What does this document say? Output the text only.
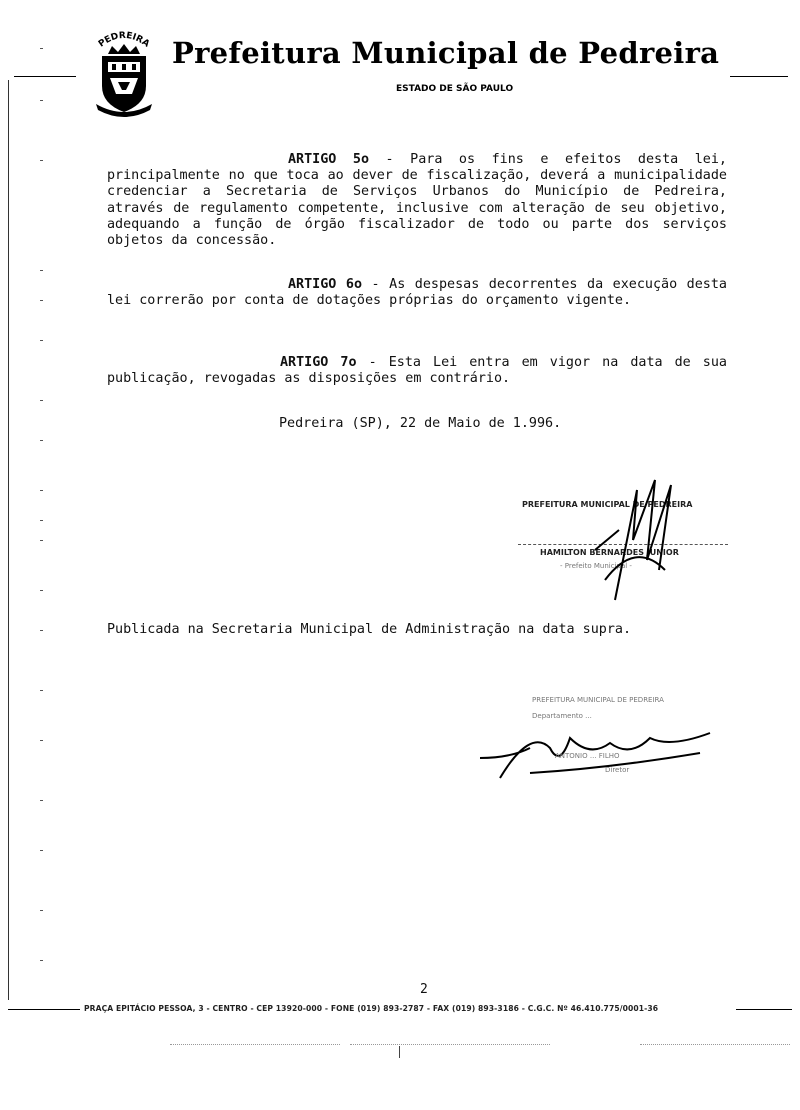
PEDREIRA Prefeitura Municipal de Pedreira
ESTADO DE SÃO PAULO
ARTIGO 5o - Para os fins e efeitos desta lei, principalmente no que toca ao dever de fiscalização, deverá a municipalidade credenciar a Secretaria de Serviços Urbanos do Município de Pedreira, através de regulamento competente, inclusive com alteração de seu objetivo, adequando a função de órgão fiscalizador de todo ou parte dos serviços objetos da concessão.
ARTIGO 6o - As despesas decorrentes da execução desta lei correrão por conta de dotações próprias do orçamento vigente.
ARTIGO 7o - Esta Lei entra em vigor na data de sua publicação, revogadas as disposições em contrário.
Pedreira (SP), 22 de Maio de 1.996.
PREFEITURA MUNICIPAL DE PEDREIRA
HAMILTON BERNARDES JUNIOR
- Prefeito Municipal -
Publicada na Secretaria Municipal de Administração na data supra.
PREFEITURA MUNICIPAL DE PEDREIRA
Departamento ...
ANTONIO ... FILHO
Diretor
2
PRAÇA EPITÁCIO PESSOA, 3 - CENTRO - CEP 13920-000 - FONE (019) 893-2787 - FAX (019) 893-3186 - C.G.C. Nº 46.410.775/0001-36
